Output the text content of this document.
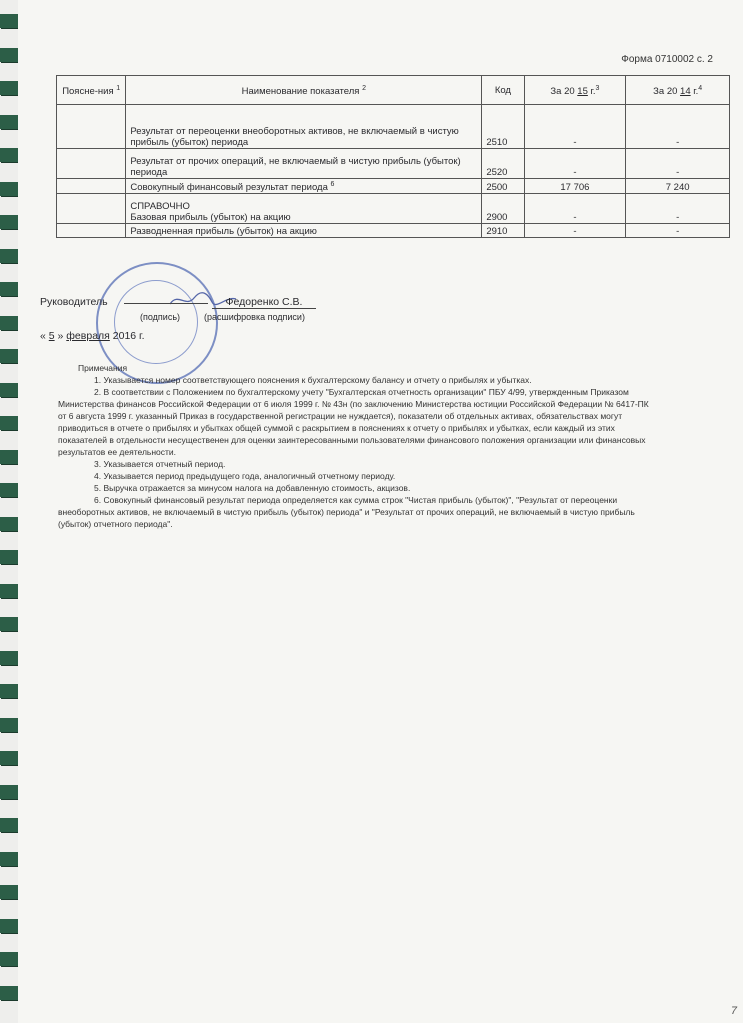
Форма 0710002 с. 2
Поясне-ния $^1$	Наименование показателя $^2$	Код	За 20 15 г.$^3$	За 20 14 г.$^4$
	Результат от переоценки внеоборотных активов, не включаемый в чистую прибыль (убыток) периода	2510	-	-
	Результат от прочих операций, не включаемый в чистую прибыль (убыток) периода	2520	-	-
	Совокупный финансовый результат периода $^6$	2500	17 706	7 240

	СПРАВОЧНО
Базовая прибыль (убыток) на акцию	2900	-	-
	Разводненная прибыль (убыток) на акцию	2910	-	-
Руководитель	Федоренко С.В.
(подпись)	(расшифровка подписи)
« 5 » февраля 2016 г.

Примечания

1. Указывается номер соответствующего пояснения к бухгалтерскому балансу и отчету о прибылях и убытках.

2. В соответствии с Положением по бухгалтерскому учету "Бухгалтерская отчетность организации" ПБУ 4/99, утвержденным Приказом Министерства финансов Российской Федерации от 6 июля 1999 г. № 43н (по заключению Министерства юстиции Российской Федерации № 6417-ПК от 6 августа 1999 г. указанный Приказ в государственной регистрации не нуждается), показатели об отдельных активах, обязательствах могут приводиться в отчете о прибылях и убытках общей суммой с раскрытием в пояснениях к отчету о прибылях и убытках, если каждый из этих показателей в отдельности несущественен для оценки заинтересованными пользователями финансового положения организации или финансовых результатов ее деятельности.

3. Указывается отчетный период.

4. Указывается период предыдущего года, аналогичный отчетному периоду.

5. Выручка отражается за минусом налога на добавленную стоимость, акцизов.

6. Совокупный финансовый результат периода определяется как сумма строк "Чистая прибыль (убыток)", "Результат от переоценки внеоборотных активов, не включаемый в чистую прибыль (убыток) периода" и "Результат от прочих операций, не включаемый в чистую прибыль (убыток) отчетного периода".

7
